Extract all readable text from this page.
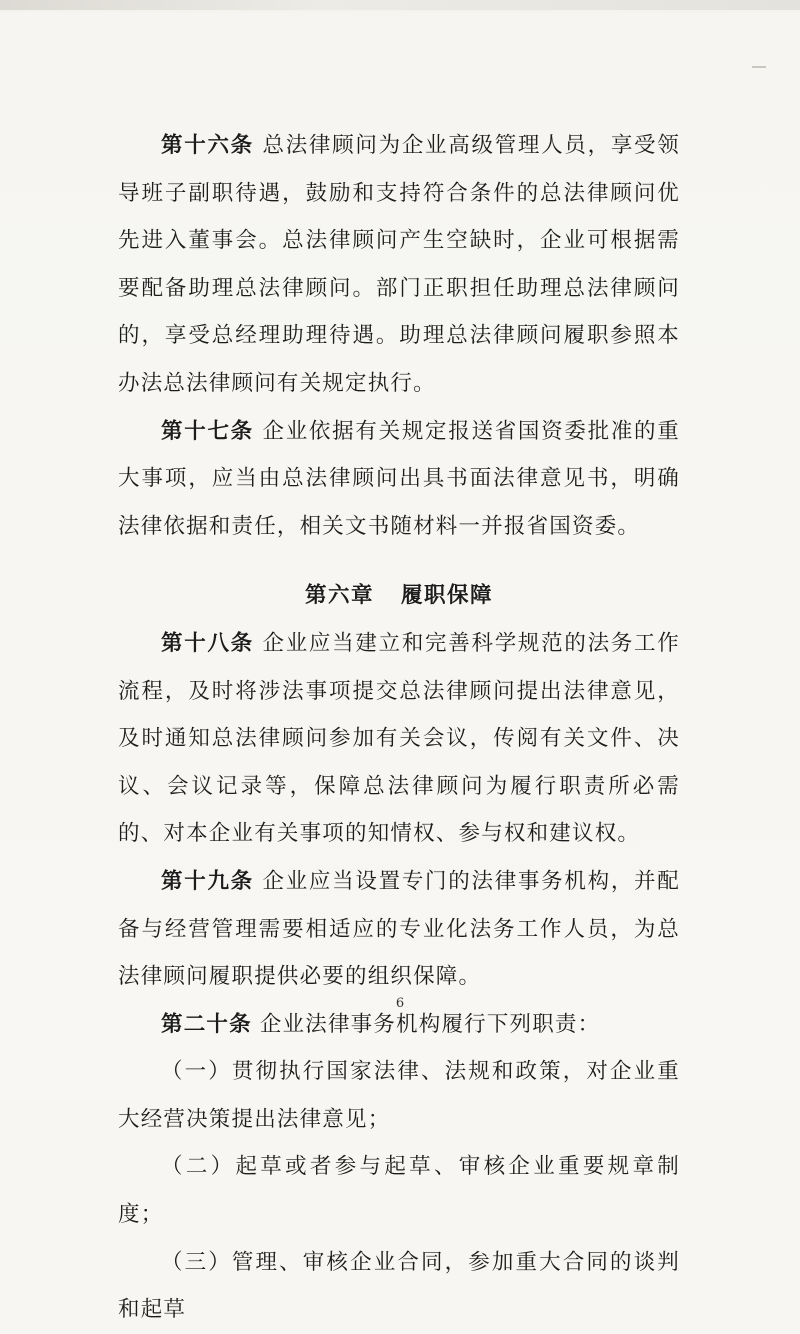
第十六条 总法律顾问为企业高级管理人员，享受领导班子副职待遇，鼓励和支持符合条件的总法律顾问优先进入董事会。总法律顾问产生空缺时，企业可根据需要配备助理总法律顾问。部门正职担任助理总法律顾问的，享受总经理助理待遇。助理总法律顾问履职参照本办法总法律顾问有关规定执行。

第十七条 企业依据有关规定报送省国资委批准的重大事项，应当由总法律顾问出具书面法律意见书，明确法律依据和责任，相关文书随材料一并报省国资委。

第六章 履职保障

第十八条 企业应当建立和完善科学规范的法务工作流程，及时将涉法事项提交总法律顾问提出法律意见，及时通知总法律顾问参加有关会议，传阅有关文件、决议、会议记录等，保障总法律顾问为履行职责所必需的、对本企业有关事项的知情权、参与权和建议权。

第十九条 企业应当设置专门的法律事务机构，并配备与经营管理需要相适应的专业化法务工作人员，为总法律顾问履职提供必要的组织保障。

第二十条 企业法律事务机构履行下列职责：

（一）贯彻执行国家法律、法规和政策，对企业重大经营决策提出法律意见；

（二）起草或者参与起草、审核企业重要规章制度；

（三）管理、审核企业合同，参加重大合同的谈判和起草

6
